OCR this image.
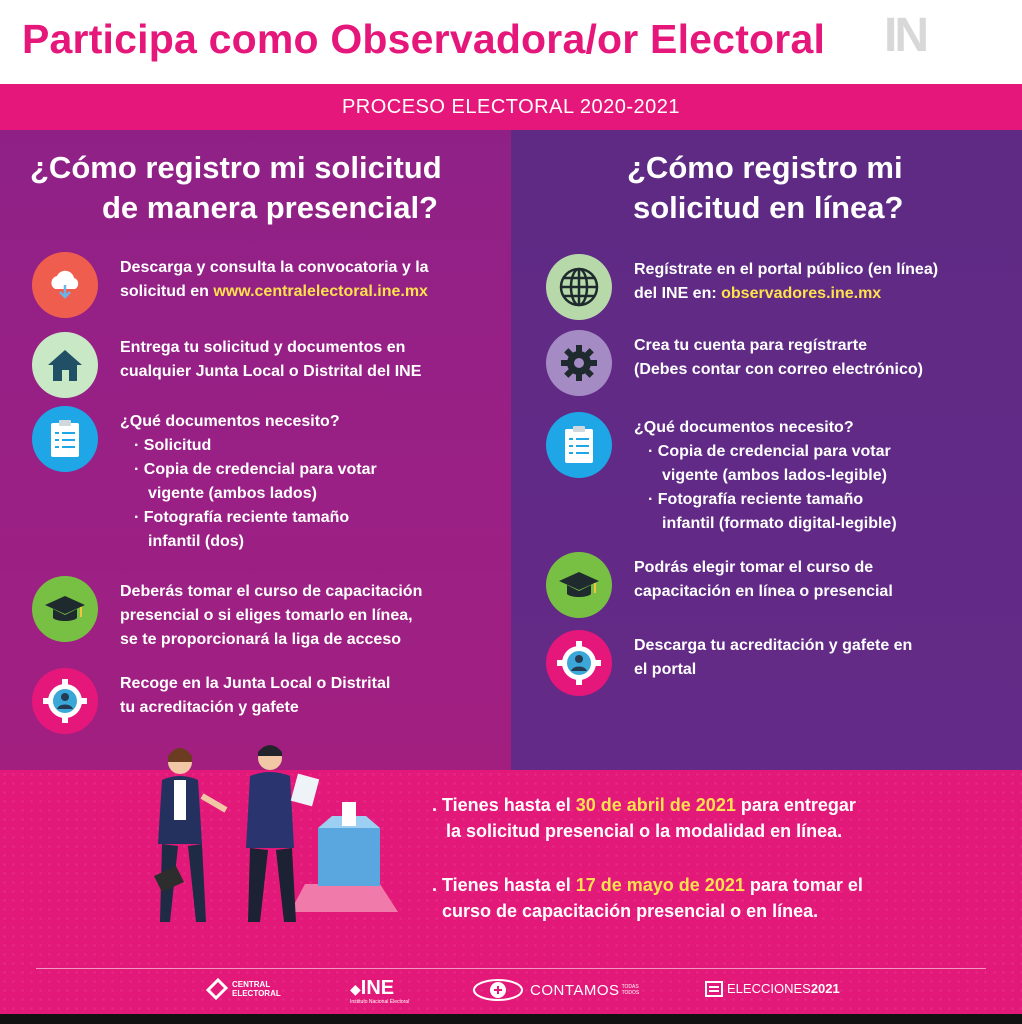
Participa como Observadora/or Electoral IN
PROCESO ELECTORAL 2020-2021
¿Cómo registro mi solicitud
de manera presencial?
Descarga y consulta la convocatoria y la
solicitud en www.centralelectoral.ine.mx
Entrega tu solicitud y documentos en
cualquier Junta Local o Distrital del INE
¿Qué documentos necesito?
· Solicitud
· Copia de credencial para votar
vigente (ambos lados)
· Fotografía reciente tamaño
infantil (dos)
Deberás tomar el curso de capacitación
presencial o si eliges tomarlo en línea,
se te proporcionará la liga de acceso
Recoge en la Junta Local o Distrital
tu acreditación y gafete
¿Cómo registro mi
solicitud en línea?
Regístrate en el portal público (en línea)
del INE en: observadores.ine.mx
Crea tu cuenta para regístrarte
(Debes contar con correo electrónico)
¿Qué documentos necesito?
· Copia de credencial para votar
vigente (ambos lados-legible)
· Fotografía reciente tamaño
infantil (formato digital-legible)
Podrás elegir tomar el curso de
capacitación en línea o presencial
Descarga tu acreditación y gafete en
el portal
. Tienes hasta el 30 de abril de 2021 para entregar
la solicitud presencial o la modalidad en línea.
. Tienes hasta el 17 de mayo de 2021 para tomar el
curso de capacitación presencial o en línea.
CENTRAL
ELECTORAL	◆INE
Instituto Nacional Electoral
CONTAMOS TODAS
TODOS	ELECCIONES 2021
